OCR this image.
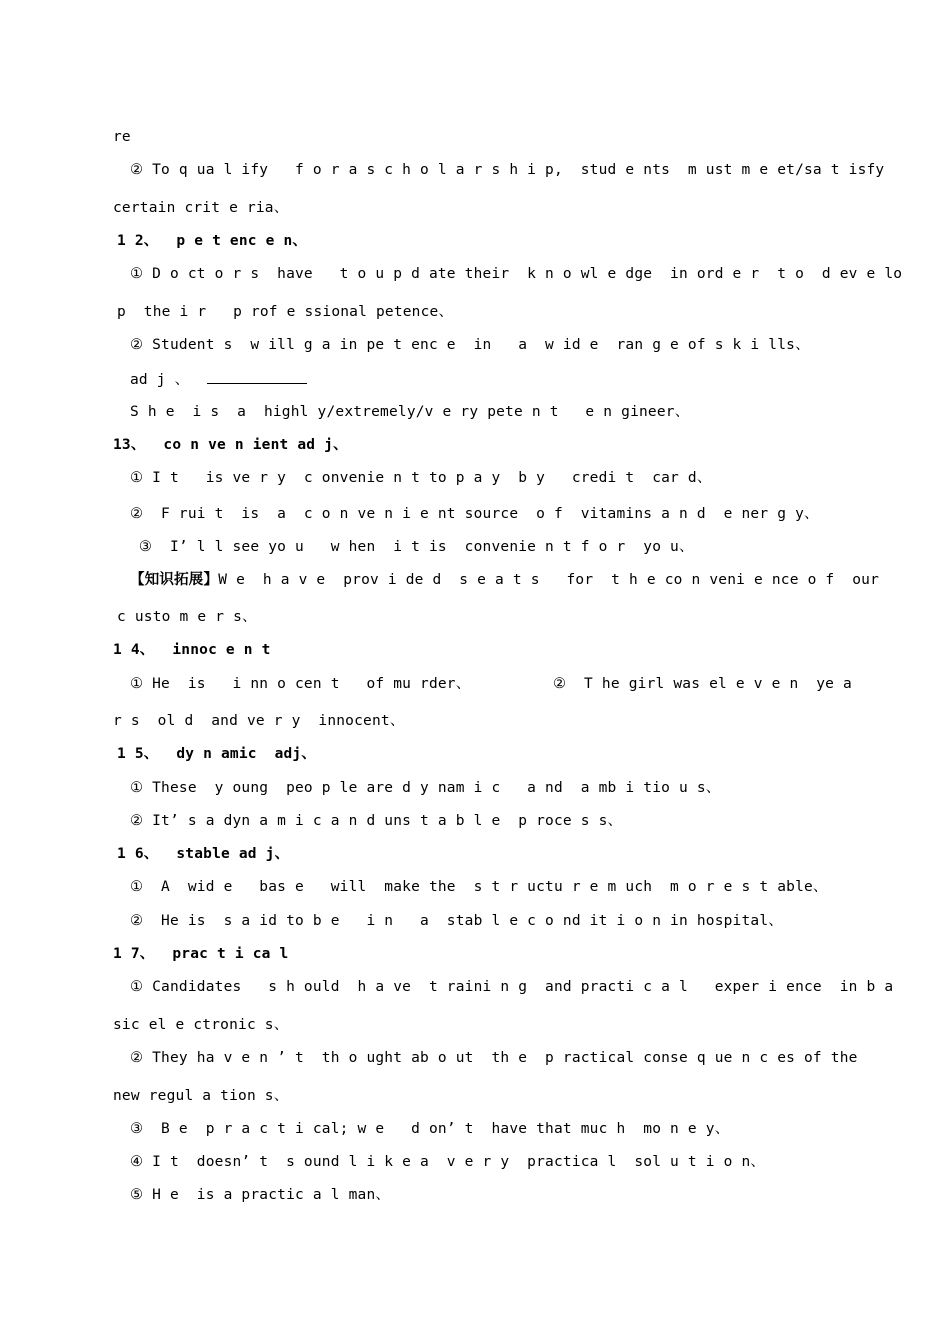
re
② To q ua l ify   f o r a s c h o l a r s h i p,  stud e nts  m ust m e et/sa t isfy
certain crit e ria、
1 2、  p e t enc e n、
① D o ct o r s  have   t o u p d ate their  k n o wl e dge  in ord e r  t o  d ev e lo
p  the i r   p rof e ssional petence、
② Student s  w ill g a in pe t enc e  in   a  w id e  ran g e of s k i lls、
ad j 、
S h e  i s  a  highl y/extremely/v e ry pete n t   e n gineer、
13、  co n ve n ient ad j、
① I t   is ve r y  c onvenie n t to p a y  b y   credi t  car d、
②  F rui t  is  a  c o n ve n i e nt source  o f  vitamins a n d  e ner g y、
③  I’ l l see yo u   w hen  i t is  convenie n t f o r  yo u、
【知识拓展】W e  h a v e  prov i de d  s e a t s   for  t h e co n veni e nce o f  our
c usto m e r s、
1 4、  innoc e n t
① He  is   i nn o cen t   of mu rder、	②  T he girl was el e v e n  ye a
r s  ol d  and ve r y  innocent、
1 5、  dy n amic  adj、
① These  y oung  peo p le are d y nam i c   a nd  a mb i tio u s、
② It’ s a dyn a m i c a n d uns t a b l e  p roce s s、
1 6、  stable ad j、
①  A  wid e   bas e   will  make the  s t r uctu r e m uch  m o r e s t able、
②  He is  s a id to b e   i n   a  stab l e c o nd it i o n in hospital、
1 7、  prac t i ca l
① Candidates   s h ould  h a ve  t raini n g  and practi c a l   exper i ence  in b a
sic el e ctronic s、
② They ha v e n ’ t  th o ught ab o ut  th e  p ractical conse q ue n c es of the
new regul a tion s、
③  B e  p r a c t i cal; w e   d on’ t  have that muc h  mo n e y、
④ I t  doesn’ t  s ound l i k e a  v e r y  practica l  sol u t i o n、
⑤ H e  is a practic a l man、
